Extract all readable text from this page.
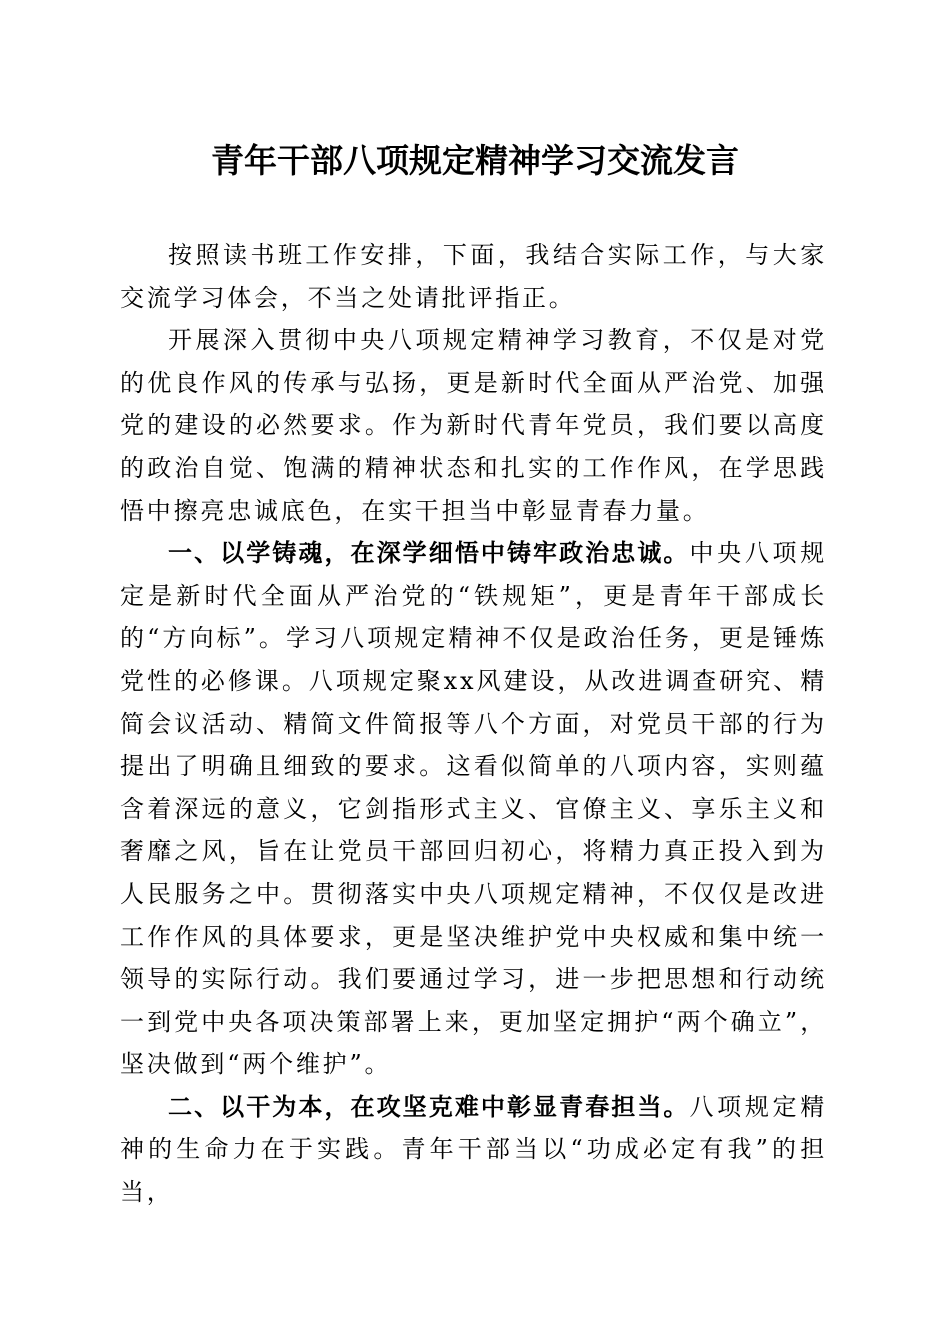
青年干部八项规定精神学习交流发言

按照读书班工作安排，下面，我结合实际工作，与大家交流学习体会，不当之处请批评指正。

开展深入贯彻中央八项规定精神学习教育，不仅是对党的优良作风的传承与弘扬，更是新时代全面从严治党、加强党的建设的必然要求。作为新时代青年党员，我们要以高度的政治自觉、饱满的精神状态和扎实的工作作风，在学思践悟中擦亮忠诚底色，在实干担当中彰显青春力量。

一、以学铸魂，在深学细悟中铸牢政治忠诚。中央八项规定是新时代全面从严治党的“铁规矩”，更是青年干部成长的“方向标”。学习八项规定精神不仅是政治任务，更是锤炼党性的必修课。八项规定聚xx风建设，从改进调查研究、精简会议活动、精简文件简报等八个方面，对党员干部的行为提出了明确且细致的要求。这看似简单的八项内容，实则蕴含着深远的意义，它剑指形式主义、官僚主义、享乐主义和奢靡之风，旨在让党员干部回归初心，将精力真正投入到为人民服务之中。贯彻落实中央八项规定精神，不仅仅是改进工作作风的具体要求，更是坚决维护党中央权威和集中统一领导的实际行动。我们要通过学习，进一步把思想和行动统一到党中央各项决策部署上来，更加坚定拥护“两个确立”，坚决做到“两个维护”。

二、以干为本，在攻坚克难中彰显青春担当。八项规定精神的生命力在于实践。青年干部当以“功成必定有我”的担当，
